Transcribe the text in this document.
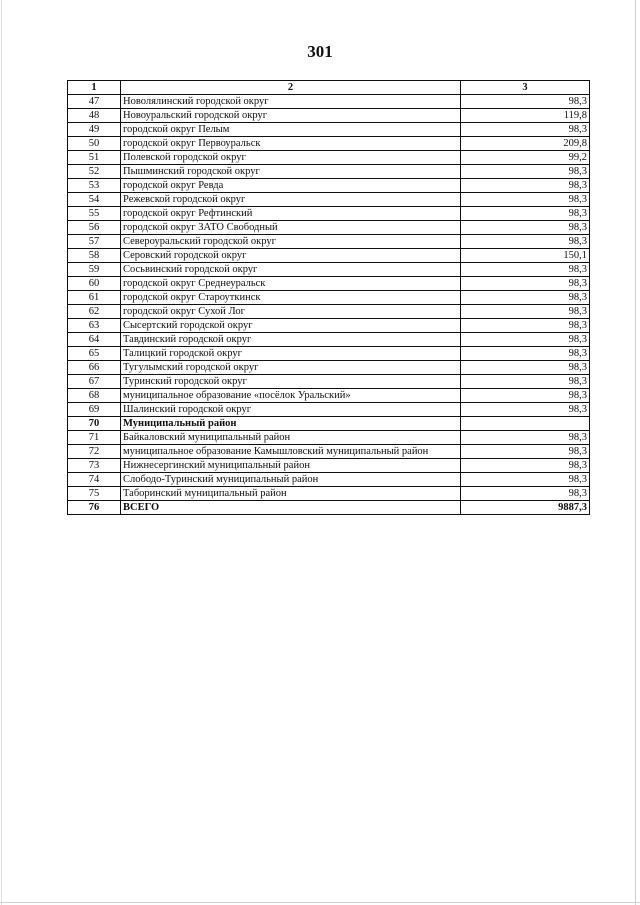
301
1	2	3
47	Новолялинский городской округ	98,3
48	Новоуральский городской округ	119,8
49	городской округ Пелым	98,3
50	городской округ Первоуральск	209,8
51	Полевской городской округ	99,2
52	Пышминский городской округ	98,3
53	городской округ Ревда	98,3
54	Режевской городской округ	98,3
55	городской округ Рефтинский	98,3
56	городской округ ЗАТО Свободный	98,3
57	Североуральский городской округ	98,3
58	Серовский городской округ	150,1
59	Сосьвинский городской округ	98,3
60	городской округ Среднеуральск	98,3
61	городской округ Староуткинск	98,3
62	городской округ Сухой Лог	98,3
63	Сысертский городской округ	98,3
64	Тавдинский городской округ	98,3
65	Талицкий городской округ	98,3
66	Тугулымский городской округ	98,3
67	Туринский городской округ	98,3
68	муниципальное образование «посёлок Уральский»	98,3
69	Шалинский городской округ	98,3
70	Муниципальный район	
71	Байкаловский муниципальный район	98,3
72	муниципальное образование Камышловский муниципальный район	98,3
73	Нижнесергинский муниципальный район	98,3
74	Слободо-Туринский муниципальный район	98,3
75	Таборинский муниципальный район	98,3
76	ВСЕГО	9887,3
